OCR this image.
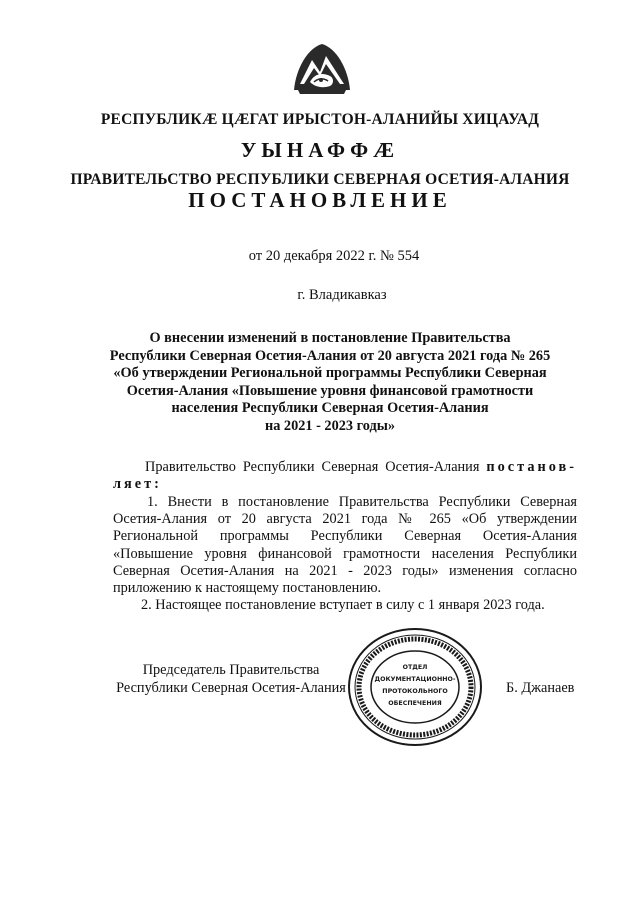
РЕСПУБЛИКӔ ЦӔГАТ ИРЫСТОН-АЛАНИЙЫ ХИЦАУАД
УЫНАФФӔ
ПРАВИТЕЛЬСТВО РЕСПУБЛИКИ СЕВЕРНАЯ ОСЕТИЯ-АЛАНИЯ
ПОСТАНОВЛЕНИЕ
от 20 декабря 2022 г. № 554
г. Владикавказ
О внесении изменений в постановление Правительства
Республики Северная Осетия-Алания от 20 августа 2021 года № 265
«Об утверждении Региональной программы Республики Северная
Осетия-Алания «Повышение уровня финансовой грамотности
населения Республики Северная Осетия-Алания
на 2021 - 2023 годы»
Правительство Республики Северная Осетия-Алания постанов-
ляет:
1. Внести в постановление Правительства Республики Северная
Осетия-Алания от 20 августа 2021 года № 265 «Об утверждении
Региональной программы Республики Северная Осетия-Алания
«Повышение уровня финансовой грамотности населения Республики
Северная Осетия-Алания на 2021 - 2023 годы» изменения согласно
приложению к настоящему постановлению.
2. Настоящее постановление вступает в силу с 1 января 2023 года.
Председатель Правительства
Республики Северная Осетия-Алания
ОТДЕЛ
ДОКУМЕНТАЦИОННО-
ПРОТОКОЛЬНОГО
ОБЕСПЕЧЕНИЯ
Б. Джанаев
